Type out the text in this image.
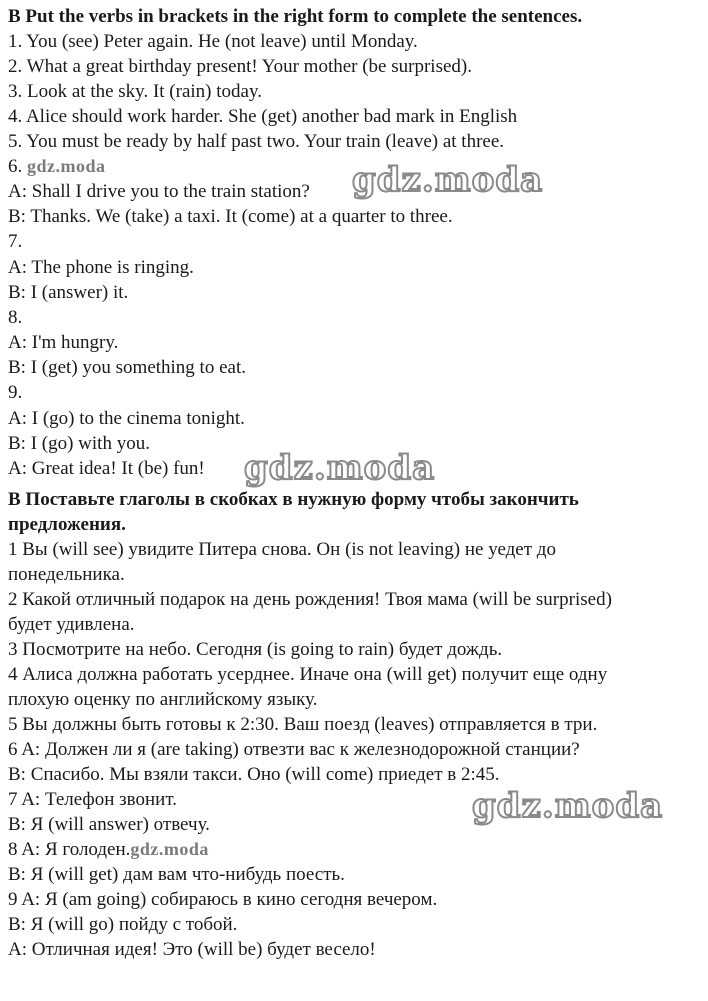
B Put the verbs in brackets in the right form to complete the sentences.
1. You (see) Peter again. He (not leave) until Monday.
2. What a great birthday present! Your mother (be surprised).
3. Look at the sky. It (rain) today.
4. Alice should work harder. She (get) another bad mark in English
5. You must be ready by half past two. Your train (leave) at three.
6. gdz.moda
A: Shall I drive you to the train station?
B: Thanks. We (take) a taxi. It (come) at a quarter to three.
7.
A: The phone is ringing.
B: I (answer) it.
8.
A: I'm hungry.
B: I (get) you something to eat.
9.
A: I (go) to the cinema tonight.
B: I (go) with you.
A: Great idea! It (be) fun!
B Поставьте глаголы в скобках в нужную форму чтобы закончить
предложения.
1 Вы (will see) увидите Питера снова. Он (is not leaving) не уедет до
понедельника.
2 Какой отличный подарок на день рождения! Твоя мама (will be surprised)
будет удивлена.
3 Посмотрите на небо. Сегодня (is going to rain) будет дождь.
4 Алиса должна работать усерднее. Иначе она (will get) получит еще одну
плохую оценку по английскому языку.
5 Вы должны быть готовы к 2:30. Ваш поезд (leaves) отправляется в три.
6 A: Должен ли я (are taking) отвезти вас к железнодорожной станции?
B: Спасибо. Мы взяли такси. Оно (will come) приедет в 2:45.
7 A: Телефон звонит.
B: Я (will answer) отвечу.
8 A: Я голоден.gdz.moda
B: Я (will get) дам вам что-нибудь поесть.
9 A: Я (am going) собираюсь в кино сегодня вечером.
B: Я (will go) пойду с тобой.
A: Отличная идея! Это (will be) будет весело!
gdz.moda
gdz.moda
gdz.moda
